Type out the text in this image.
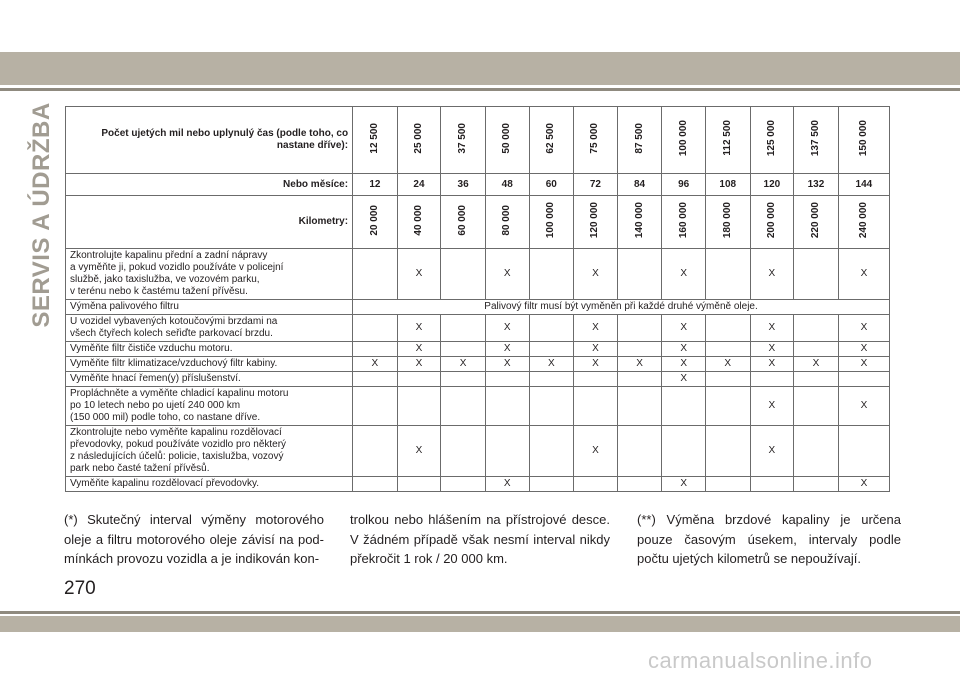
SERVIS A ÚDRŽBA	Počet ujetých mil nebo uplynulý čas (podle toho, co nastane dříve):	12 500	25 000	37 500	50 000	62 500	75 000	87 500	100 000	112 500	125 000	137 500	150 000
Nebo měsíce:	12	24	36	48	60	72	84	96	108	120	132	144
Kilometry:	20 000	40 000	60 000	80 000	100 000	120 000	140 000	160 000	180 000	200 000	220 000	240 000
Zkontrolujte kapalinu přední a zadní nápravy
a vyměňte ji, pokud vozidlo používáte v policejní
službě, jako taxislužba, ve vozovém parku,
v terénu nebo k častému tažení přívěsu.		X		X		X		X		X		X
Výměna palivového filtru	Palivový filtr musí být vyměněn při každé druhé výměně oleje.											
U vozidel vybavených kotoučovými brzdami na
všech čtyřech kolech seřiďte parkovací brzdu.		X		X		X		X		X		X
Vyměňte filtr čističe vzduchu motoru.		X		X		X		X		X		X
Vyměňte filtr klimatizace/vzduchový filtr kabiny.	X	X	X	X	X	X	X	X	X	X	X	X
Vyměňte hnací řemen(y) příslušenství.								X				
Propláchněte a vyměňte chladicí kapalinu motoru
po 10 letech nebo po ujetí 240 000 km
(150 000 mil) podle toho, co nastane dříve.										X		X
Zkontrolujte nebo vyměňte kapalinu rozdělovací
převodovky, pokud používáte vozidlo pro některý
z následujících účelů: policie, taxislužba, vozový
park nebo časté tažení přívěsů.		X				X				X		
Vyměňte kapalinu rozdělovací převodovky.				X				X				X
(*) Skutečný interval výměny motorového oleje a filtru motorového oleje závisí na pod-mínkách provozu vozidla a je indikován kon-
trolkou nebo hlášením na přístrojové desce. V žádném případě však nesmí interval nikdy překročit 1 rok / 20 000 km.
(**) Výměna brzdové kapaliny je určena pouze časovým úsekem, intervaly podle počtu ujetých kilometrů se nepoužívají.
270
carmanualsonline.info
